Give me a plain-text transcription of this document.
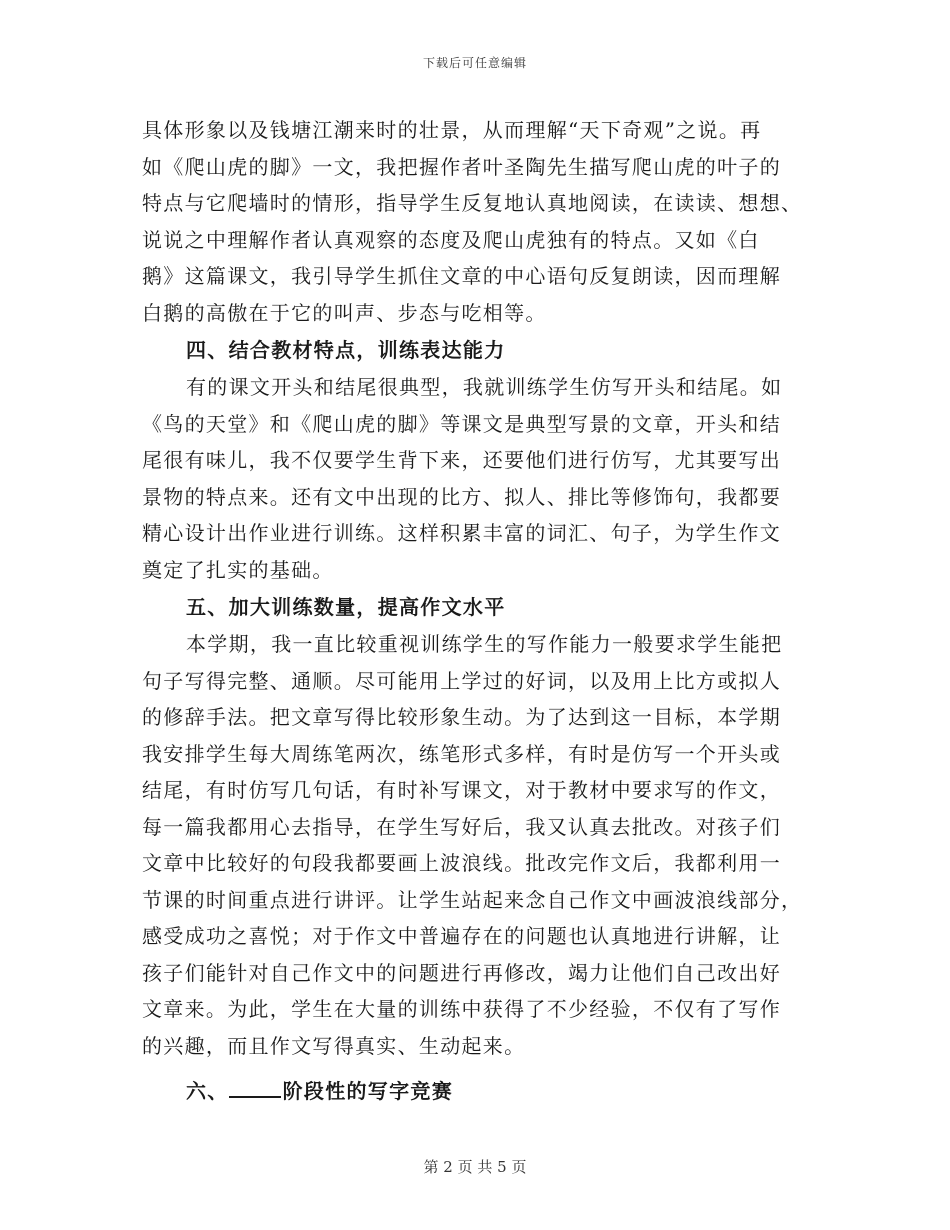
下载后可任意编辑
具体形象以及钱塘江潮来时的壮景，从而理解“天下奇观”之说。再
如《爬山虎的脚》一文，我把握作者叶圣陶先生描写爬山虎的叶子的
特点与它爬墙时的情形，指导学生反复地认真地阅读，在读读、想想、
说说之中理解作者认真观察的态度及爬山虎独有的特点。又如《白
鹅》这篇课文，我引导学生抓住文章的中心语句反复朗读，因而理解
白鹅的高傲在于它的叫声、步态与吃相等。
四、结合教材特点，训练表达能力
有的课文开头和结尾很典型，我就训练学生仿写开头和结尾。如
《鸟的天堂》和《爬山虎的脚》等课文是典型写景的文章，开头和结
尾很有味儿，我不仅要学生背下来，还要他们进行仿写，尤其要写出
景物的特点来。还有文中出现的比方、拟人、排比等修饰句，我都要
精心设计出作业进行训练。这样积累丰富的词汇、句子，为学生作文
奠定了扎实的基础。
五、加大训练数量，提高作文水平
本学期，我一直比较重视训练学生的写作能力一般要求学生能把
句子写得完整、通顺。尽可能用上学过的好词，以及用上比方或拟人
的修辞手法。把文章写得比较形象生动。为了达到这一目标，本学期
我安排学生每大周练笔两次，练笔形式多样，有时是仿写一个开头或
结尾，有时仿写几句话，有时补写课文，对于教材中要求写的作文，
每一篇我都用心去指导，在学生写好后，我又认真去批改。对孩子们
文章中比较好的句段我都要画上波浪线。批改完作文后，我都利用一
节课的时间重点进行讲评。让学生站起来念自己作文中画波浪线部分，
感受成功之喜悦；对于作文中普遍存在的问题也认真地进行讲解，让
孩子们能针对自己作文中的问题进行再修改，竭力让他们自己改出好
文章来。为此，学生在大量的训练中获得了不少经验，不仅有了写作
的兴趣，而且作文写得真实、生动起来。
六、	阶段性的写字竞赛
第 2 页 共 5 页
